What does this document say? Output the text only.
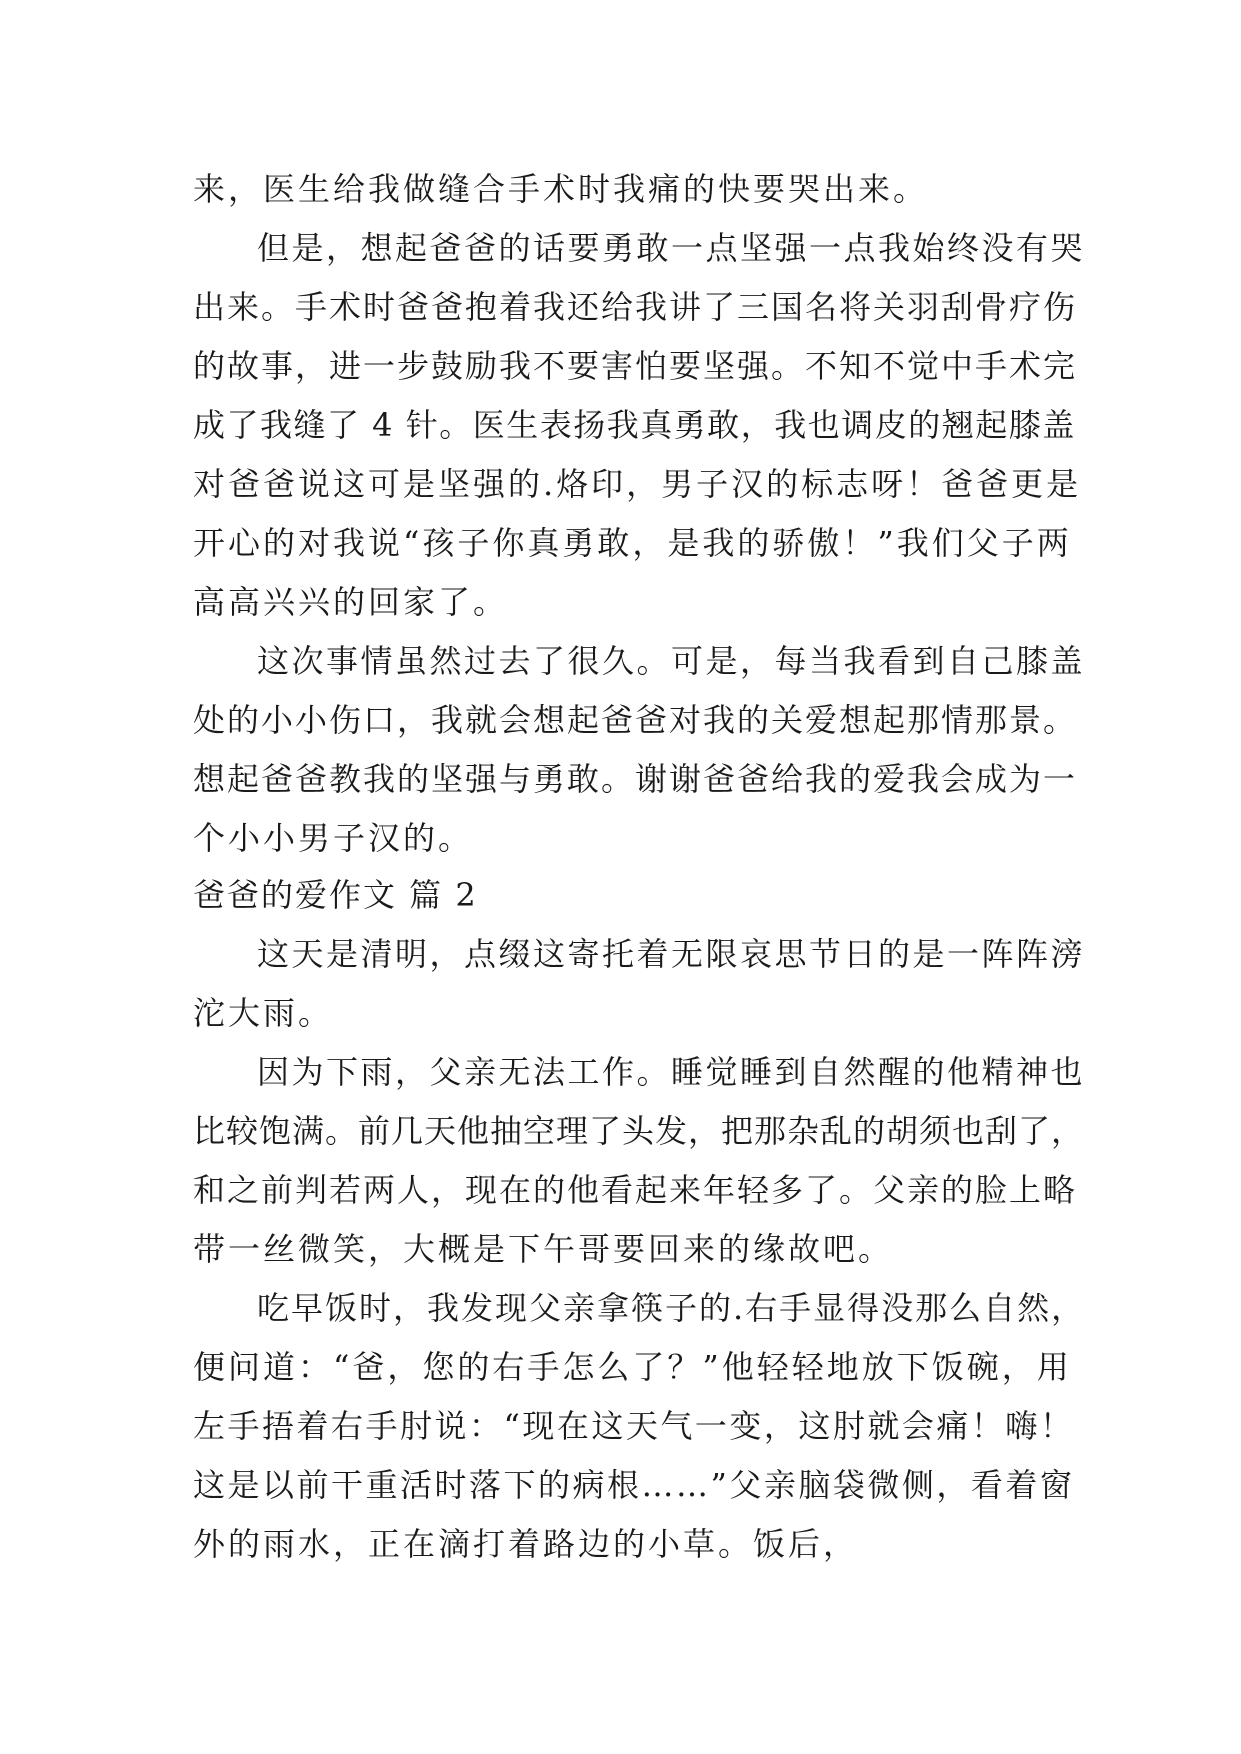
来，医生给我做缝合手术时我痛的快要哭出来。
但是，想起爸爸的话要勇敢一点坚强一点我始终没有哭
出来。手术时爸爸抱着我还给我讲了三国名将关羽刮骨疗伤
的故事，进一步鼓励我不要害怕要坚强。不知不觉中手术完
成了我缝了 4 针。医生表扬我真勇敢，我也调皮的翘起膝盖
对爸爸说这可是坚强的.烙印，男子汉的标志呀！爸爸更是
开心的对我说“孩子你真勇敢，是我的骄傲！”我们父子两
高高兴兴的回家了。
这次事情虽然过去了很久。可是，每当我看到自己膝盖
处的小小伤口，我就会想起爸爸对我的关爱想起那情那景。
想起爸爸教我的坚强与勇敢。谢谢爸爸给我的爱我会成为一
个小小男子汉的。
爸爸的爱作文 篇 2
这天是清明，点缀这寄托着无限哀思节日的是一阵阵滂
沱大雨。
因为下雨，父亲无法工作。睡觉睡到自然醒的他精神也
比较饱满。前几天他抽空理了头发，把那杂乱的胡须也刮了，
和之前判若两人，现在的他看起来年轻多了。父亲的脸上略
带一丝微笑，大概是下午哥要回来的缘故吧。
吃早饭时，我发现父亲拿筷子的.右手显得没那么自然，
便问道：“爸，您的右手怎么了？”他轻轻地放下饭碗，用
左手捂着右手肘说：“现在这天气一变，这肘就会痛！嗨！
这是以前干重活时落下的病根……”父亲脑袋微侧，看着窗
外的雨水，正在滴打着路边的小草。饭后，
